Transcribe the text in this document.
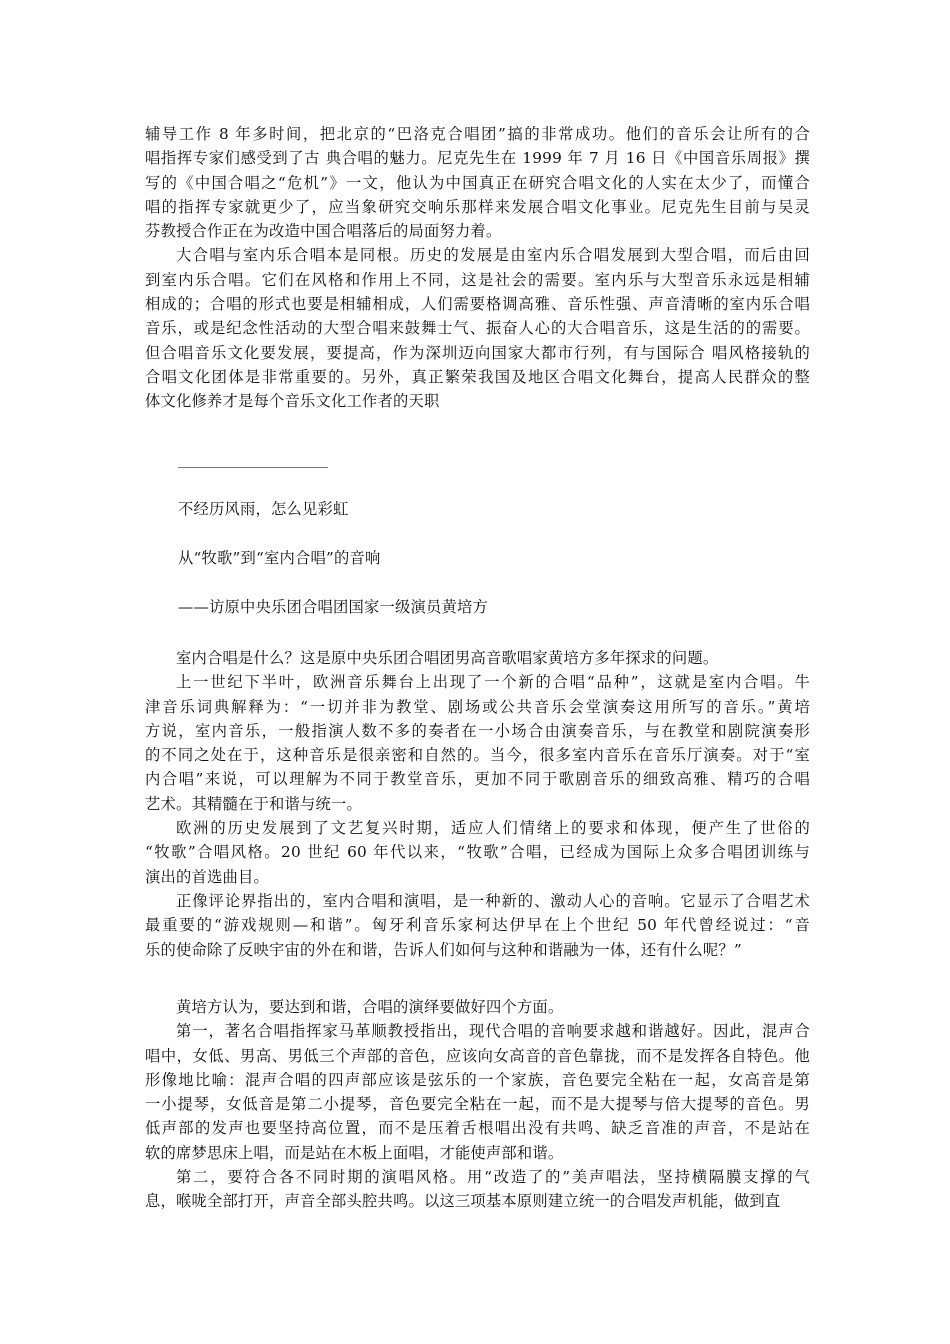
辅导工作 8 年多时间，把北京的“巴洛克合唱团”搞的非常成功。他们的音乐会让所有的合
唱指挥专家们感受到了古 典合唱的魅力。尼克先生在 1999 年 7 月 16 日《中国音乐周报》撰
写的《中国合唱之“危机”》一文，他认为中国真正在研究合唱文化的人实在太少了，而懂合
唱的指挥专家就更少了，应当象研究交响乐那样来发展合唱文化事业。尼克先生目前与吴灵
芬教授合作正在为改造中国合唱落后的局面努力着。
大合唱与室内乐合唱本是同根。历史的发展是由室内乐合唱发展到大型合唱，而后由回
到室内乐合唱。它们在风格和作用上不同，这是社会的需要。室内乐与大型音乐永远是相辅
相成的；合唱的形式也要是相辅相成，人们需要格调高雅、音乐性强、声音清晰的室内乐合唱
音乐，或是纪念性活动的大型合唱来鼓舞士气、振奋人心的大合唱音乐，这是生活的的需要。
但合唱音乐文化要发展，要提高，作为深圳迈向国家大都市行列，有与国际合 唱风格接轨的
合唱文化团体是非常重要的。另外，真正繁荣我国及地区合唱文化舞台，提高人民群众的整
体文化修养才是每个音乐文化工作者的天职
不经历风雨，怎么见彩虹
从“牧歌”到“室内合唱”的音响
——访原中央乐团合唱团国家一级演员黄培方
室内合唱是什么？这是原中央乐团合唱团男高音歌唱家黄培方多年探求的问题。
上一世纪下半叶，欧洲音乐舞台上出现了一个新的合唱“品种”，这就是室内合唱。牛
津音乐词典解释为：“一切并非为教堂、剧场或公共音乐会堂演奏这用所写的音乐。”黄培
方说，室内音乐，一般指演人数不多的奏者在一小场合由演奏音乐，与在教堂和剧院演奏形
的不同之处在于，这种音乐是很亲密和自然的。当今，很多室内音乐在音乐厅演奏。对于“室
内合唱”来说，可以理解为不同于教堂音乐，更加不同于歌剧音乐的细致高雅、精巧的合唱
艺术。其精髓在于和谐与统一。
欧洲的历史发展到了文艺复兴时期，适应人们情绪上的要求和体现，便产生了世俗的
“牧歌”合唱风格。20 世纪 60 年代以来，“牧歌”合唱，已经成为国际上众多合唱团训练与
演出的首选曲目。
正像评论界指出的，室内合唱和演唱，是一种新的、激动人心的音响。它显示了合唱艺术
最重要的“游戏规则—和谐”。匈牙利音乐家柯达伊早在上个世纪 50 年代曾经说过：“音
乐的使命除了反映宇宙的外在和谐，告诉人们如何与这种和谐融为一体，还有什么呢？”
黄培方认为，要达到和谐，合唱的演绎要做好四个方面。
第一，著名合唱指挥家马革顺教授指出，现代合唱的音响要求越和谐越好。因此，混声合
唱中，女低、男高、男低三个声部的音色，应该向女高音的音色靠拢，而不是发挥各自特色。他
形像地比喻：混声合唱的四声部应该是弦乐的一个家族，音色要完全粘在一起，女高音是第
一小提琴，女低音是第二小提琴，音色要完全粘在一起，而不是大提琴与倍大提琴的音色。男
低声部的发声也要坚持高位置，而不是压着舌根唱出没有共鸣、缺乏音准的声音，不是站在
软的席梦思床上唱，而是站在木板上面唱，才能使声部和谐。
第二，要符合各不同时期的演唱风格。用“改造了的”美声唱法，坚持横隔膜支撑的气
息，喉咙全部打开，声音全部头腔共鸣。以这三项基本原则建立统一的合唱发声机能，做到直
